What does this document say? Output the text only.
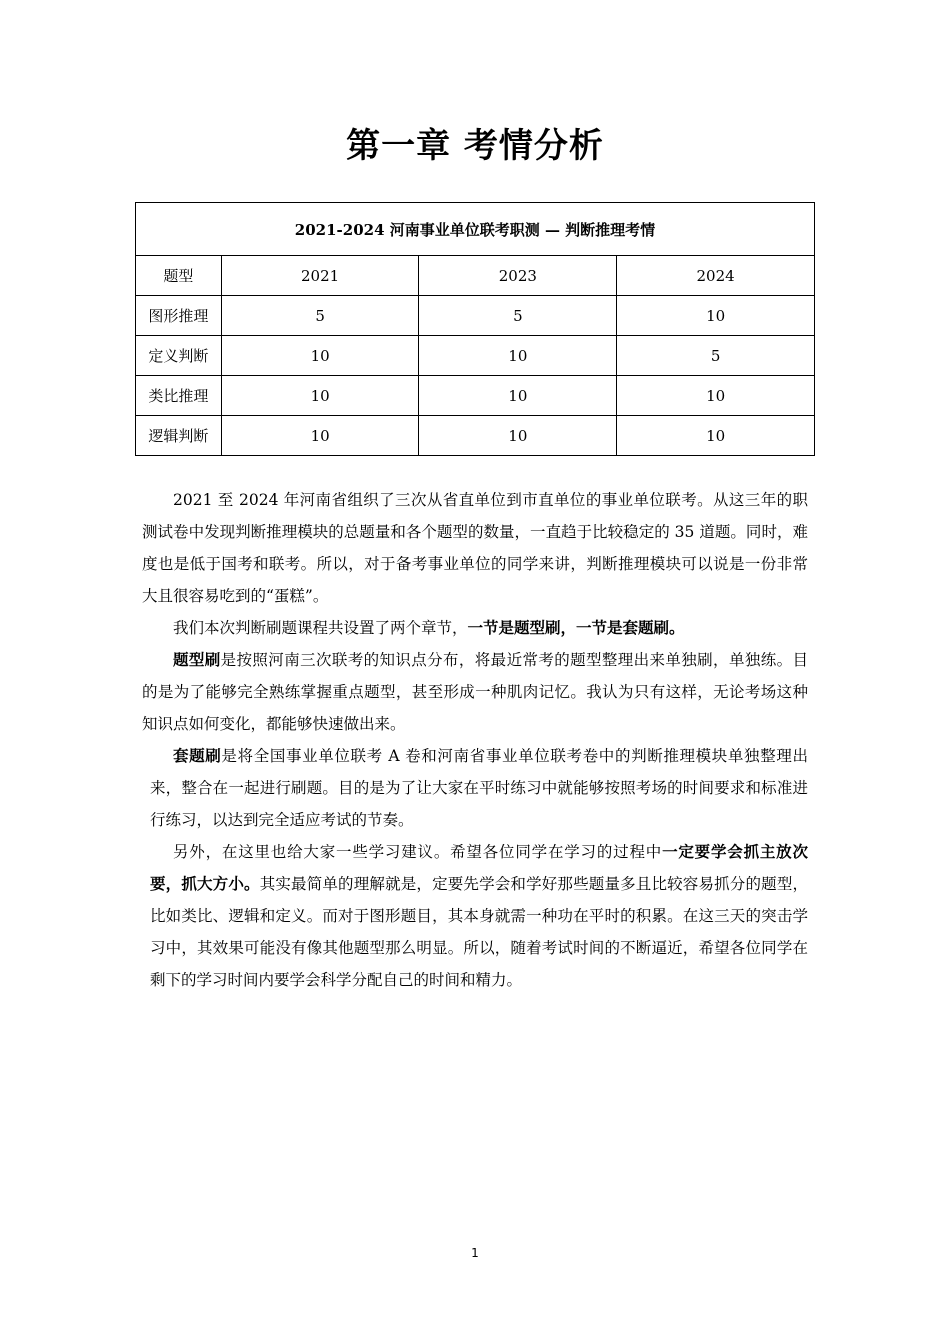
第一章 考情分析
2021-2024 河南事业单位联考职测 — 判断推理考情			
题型	2021	2023	2024
图形推理	5	5	10
定义判断	10	10	5
类比推理	10	10	10
逻辑判断	10	10	10

2021 至 2024 年河南省组织了三次从省直单位到市直单位的事业单位联考。从这三年的职测试卷中发现判断推理模块的总题量和各个题型的数量，一直趋于比较稳定的 35 道题。同时，难度也是低于国考和联考。所以，对于备考事业单位的同学来讲，判断推理模块可以说是一份非常大且很容易吃到的“蛋糕”。

我们本次判断刷题课程共设置了两个章节，一节是题型刷，一节是套题刷。

题型刷是按照河南三次联考的知识点分布，将最近常考的题型整理出来单独刷，单独练。目的是为了能够完全熟练掌握重点题型，甚至形成一种肌肉记忆。我认为只有这样，无论考场这种知识点如何变化，都能够快速做出来。

套题刷是将全国事业单位联考 A 卷和河南省事业单位联考卷中的判断推理模块单独整理出来，整合在一起进行刷题。目的是为了让大家在平时练习中就能够按照考场的时间要求和标准进行练习，以达到完全适应考试的节奏。

另外，在这里也给大家一些学习建议。希望各位同学在学习的过程中一定要学会抓主放次要，抓大方小。其实最简单的理解就是，定要先学会和学好那些题量多且比较容易抓分的题型，比如类比、逻辑和定义。而对于图形题目，其本身就需一种功在平时的积累。在这三天的突击学习中，其效果可能没有像其他题型那么明显。所以，随着考试时间的不断逼近，希望各位同学在剩下的学习时间内要学会科学分配自己的时间和精力。

1
